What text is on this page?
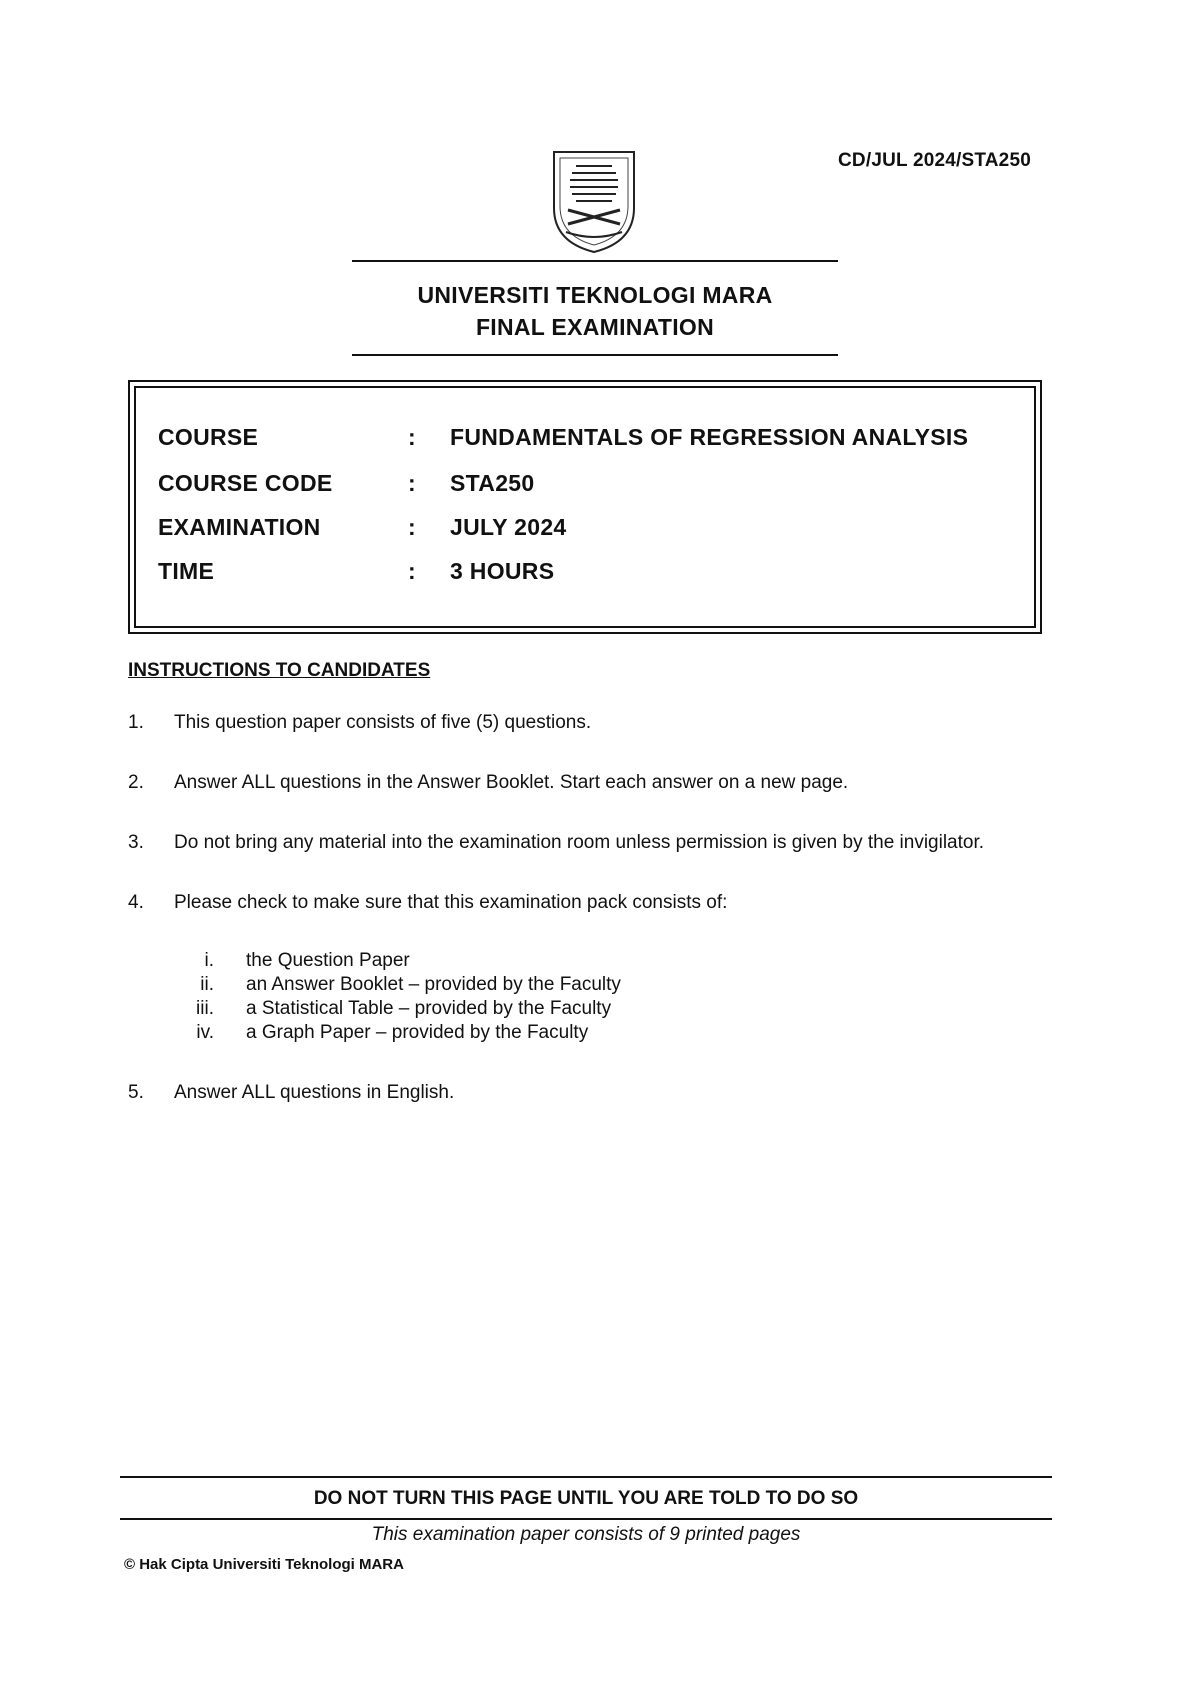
CD/JUL 2024/STA250
UNIVERSITI TEKNOLOGI MARA
FINAL EXAMINATION
COURSE	: FUNDAMENTALS OF REGRESSION ANALYSIS
COURSE CODE	: STA250
EXAMINATION	: JULY 2024
TIME	: 3 HOURS
INSTRUCTIONS TO CANDIDATES
1. This question paper consists of five (5) questions.
2. Answer ALL questions in the Answer Booklet. Start each answer on a new page.
3. Do not bring any material into the examination room unless permission is given by the invigilator.
4. Please check to make sure that this examination pack consists of:
i. the Question Paper
ii. an Answer Booklet – provided by the Faculty
iii. a Statistical Table – provided by the Faculty
iv. a Graph Paper – provided by the Faculty
5. Answer ALL questions in English.
DO NOT TURN THIS PAGE UNTIL YOU ARE TOLD TO DO SO
This examination paper consists of 9 printed pages
© Hak Cipta Universiti Teknologi MARA
